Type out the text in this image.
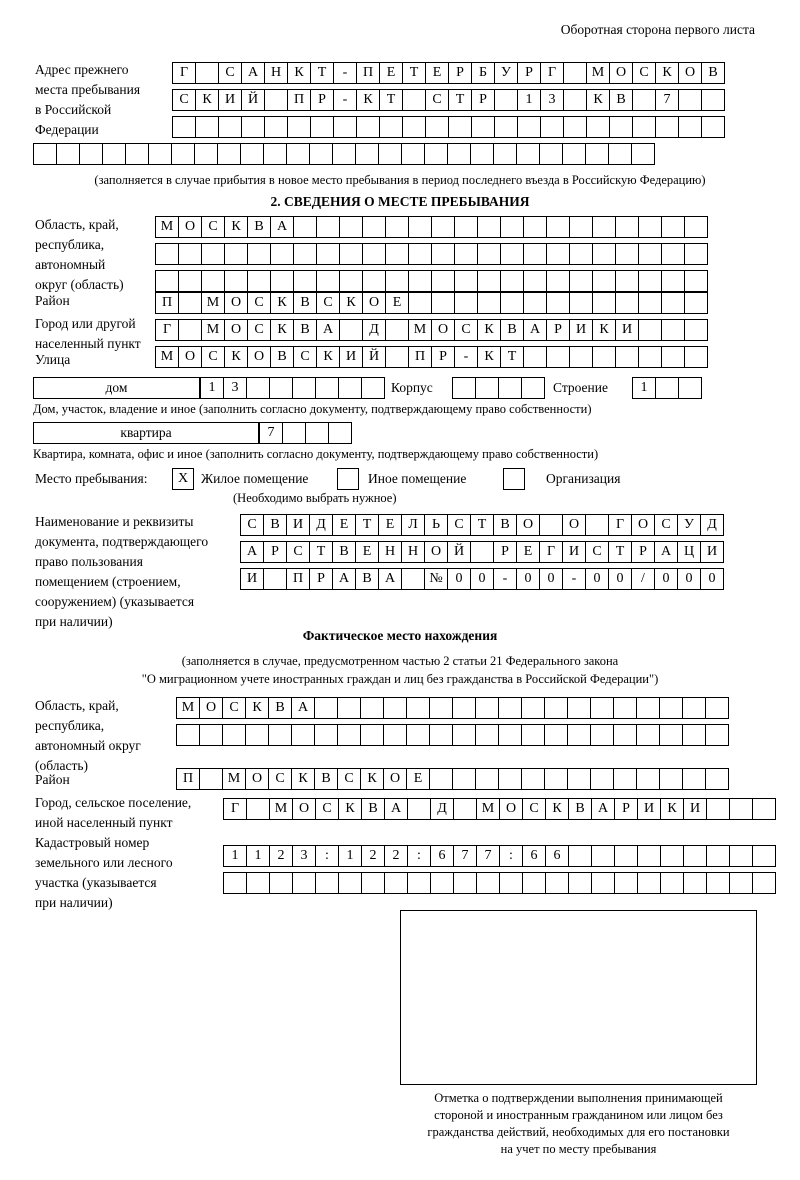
Оборотная сторона первого листа
Адрес прежнего
места пребывания
в Российской
Федерации
Г	С А Н К	Т	-	П Е	Т	Е	Р	Б	У	Р	Г	М О С К О В
С К И Й	П	Р	-	К	Т	С	Т	Р	1	3	К В	7
(заполняется в случае прибытия в новое место пребывания в период последнего въезда в Российскую Федерацию)
2. СВЕДЕНИЯ О МЕСТЕ ПРЕБЫВАНИЯ
Область, край,
республика,
автономный
округ (область)
М О С К В А
Район	П	М О С К В С К О Е
Город или другой
населенный пункт
Г	М О С К В А	Д	М О С К В А	Р	И К И
Улица	М О С К О В С К И Й	П	Р	-	К	Т
дом	1	3	Корпус	Строение	1
Дом, участок, владение и иное (заполнить согласно документу, подтверждающему право собственности)
квартира	7
Квартира, комната, офис и иное (заполнить согласно документу, подтверждающему право собственности)
Место пребывания:	X Жилое помещение	Иное помещение	Организация
(Необходимо выбрать нужное)
Наименование и реквизиты
документа, подтверждающего
право пользования
помещением (строением,
сооружением) (указывается
при наличии)
С В И Д Е	Т	Е Л	Ь	С	Т	В О	О	Г О С У Д
А	Р	С	Т	В	Е Н Н О Й	Р	Е	Г И С	Т	Р	А Ц И
И	П	Р	А В А	№ 0	0	-	0	0	-	0	0	/	0	0	0
Фактическое место нахождения
(заполняется в случае, предусмотренном частью 2 статьи 21 Федерального закона
"О миграционном учете иностранных граждан и лиц без гражданства в Российской Федерации")
Область, край,
республика,
автономный округ
(область)
М О С К В А
Район	П	М О С К В С К О Е
Город, сельское поселение,
иной населенный пункт
Г	М О С К В А	Д	М О С К В А	Р	И К И
Кадастровый номер
земельного или лесного
участка (указывается
при наличии)
1	1	2	3	:	1	2	2	:	6	7	7	:	6	6
Отметка о подтверждении выполнения принимающей
стороной и иностранным гражданином или лицом без
гражданства действий, необходимых для его постановки
на учет по месту пребывания
